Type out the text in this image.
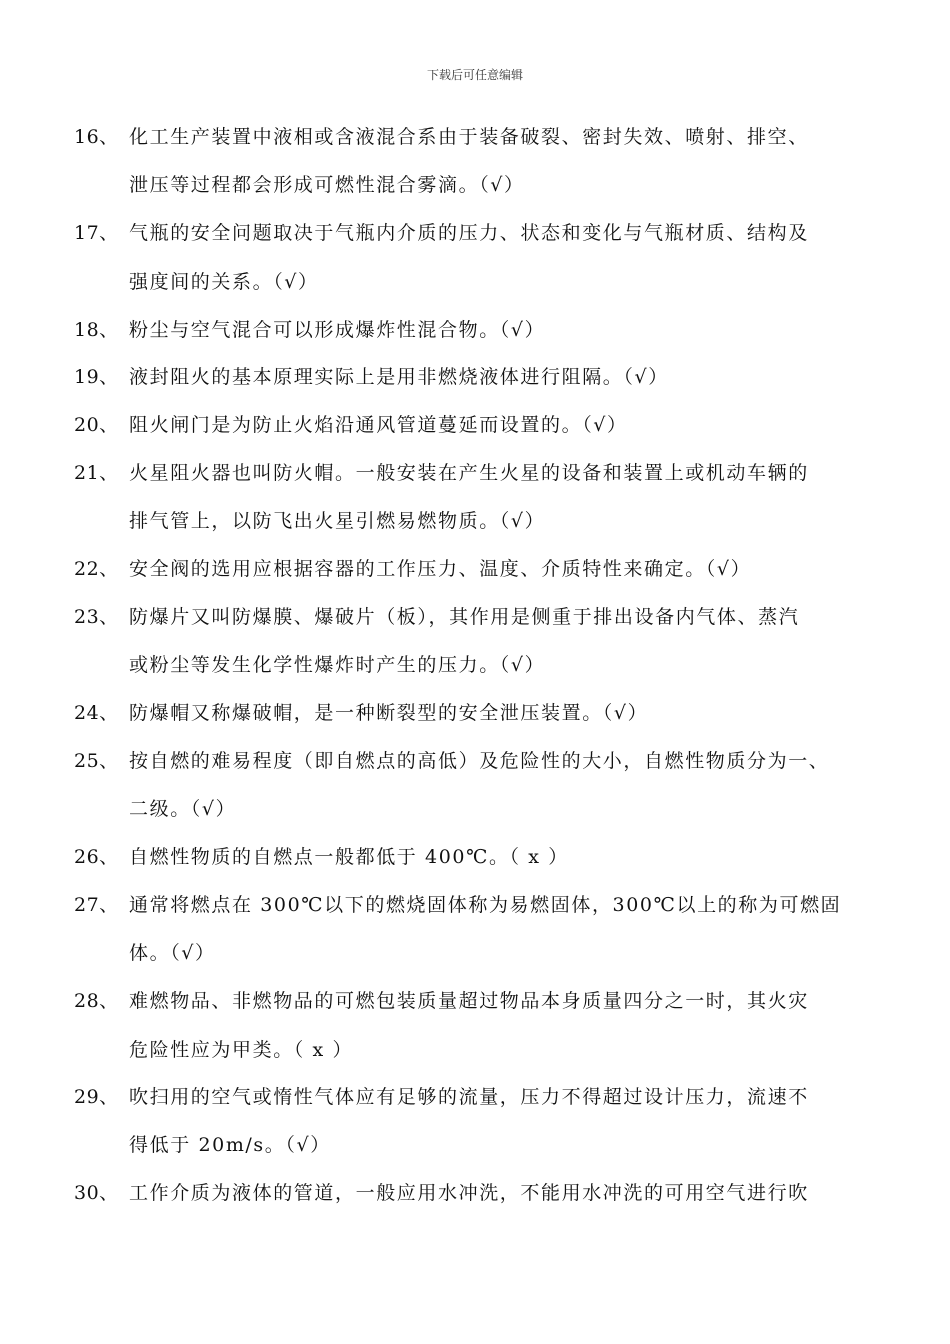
下载后可任意编辑
16、 化工生产装置中液相或含液混合系由于装备破裂、密封失效、喷射、排空、
泄压等过程都会形成可燃性混合雾滴。（√）
17、 气瓶的安全问题取决于气瓶内介质的压力、状态和变化与气瓶材质、结构及
强度间的关系。（√）
18、 粉尘与空气混合可以形成爆炸性混合物。（√）
19、 液封阻火的基本原理实际上是用非燃烧液体进行阻隔。（√）
20、 阻火闸门是为防止火焰沿通风管道蔓延而设置的。（√）
21、 火星阻火器也叫防火帽。一般安装在产生火星的设备和装置上或机动车辆的
排气管上，以防飞出火星引燃易燃物质。（√）
22、 安全阀的选用应根据容器的工作压力、温度、介质特性来确定。（√）
23、 防爆片又叫防爆膜、爆破片（板），其作用是侧重于排出设备内气体、蒸汽
或粉尘等发生化学性爆炸时产生的压力。（√）
24、 防爆帽又称爆破帽，是一种断裂型的安全泄压装置。（√）
25、 按自燃的难易程度（即自燃点的高低）及危险性的大小，自燃性物质分为一、
二级。（√）
26、 自燃性物质的自燃点一般都低于 400℃。（ x ）
27、 通常将燃点在 300℃以下的燃烧固体称为易燃固体，300℃以上的称为可燃固
体。（√）
28、 难燃物品、非燃物品的可燃包装质量超过物品本身质量四分之一时，其火灾
危险性应为甲类。（ x ）
29、 吹扫用的空气或惰性气体应有足够的流量，压力不得超过设计压力，流速不
得低于 20m/s。（√）
30、 工作介质为液体的管道，一般应用水冲洗，不能用水冲洗的可用空气进行吹
